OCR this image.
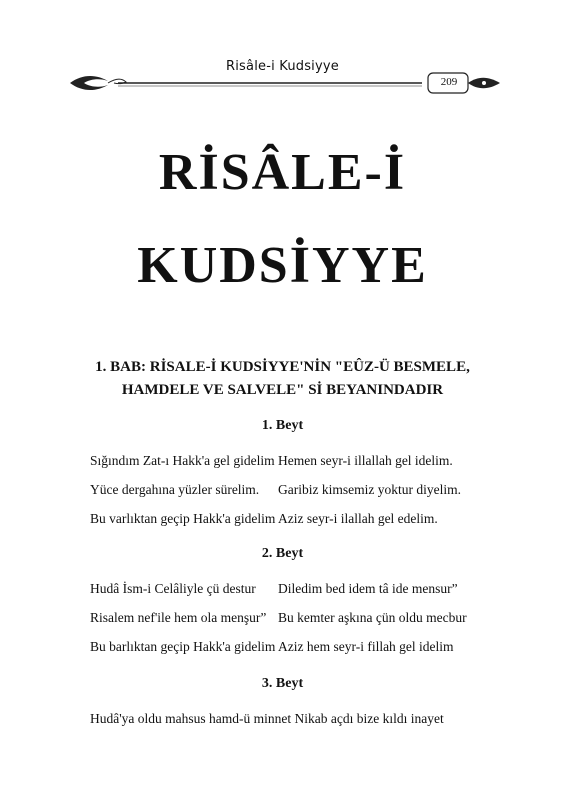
Risâle-i Kudsiyye
209
RİSÂLE-İ
KUDSİYYE
1. BAB: RİSALE-İ KUDSİYYE'NİN "EÛZ-Ü BESMELE,
HAMDELE VE SALVELE" Sİ BEYANINDADIR
1. Beyt
Sığındım Zat-ı Hakk'a gel gidelim Hemen seyr-i illallah gel idelim.
Yüce dergahına yüzler sürelim. Garibiz kimsemiz yoktur diyelim.
Bu varlıktan geçip Hakk'a gidelim Aziz seyr-i ilallah gel edelim.
2. Beyt
Hudâ İsm-i Celâliyle çü destur Diledim bed idem tâ ide mensur”
Risalem nef'ile hem ola menşur” Bu kemter aşkına çün oldu mecbur
Bu barlıktan geçip Hakk'a gidelim Aziz hem seyr-i fillah gel idelim
3. Beyt
Hudâ'ya oldu mahsus hamd-ü minnet Nikab açdı bize kıldı inayet
